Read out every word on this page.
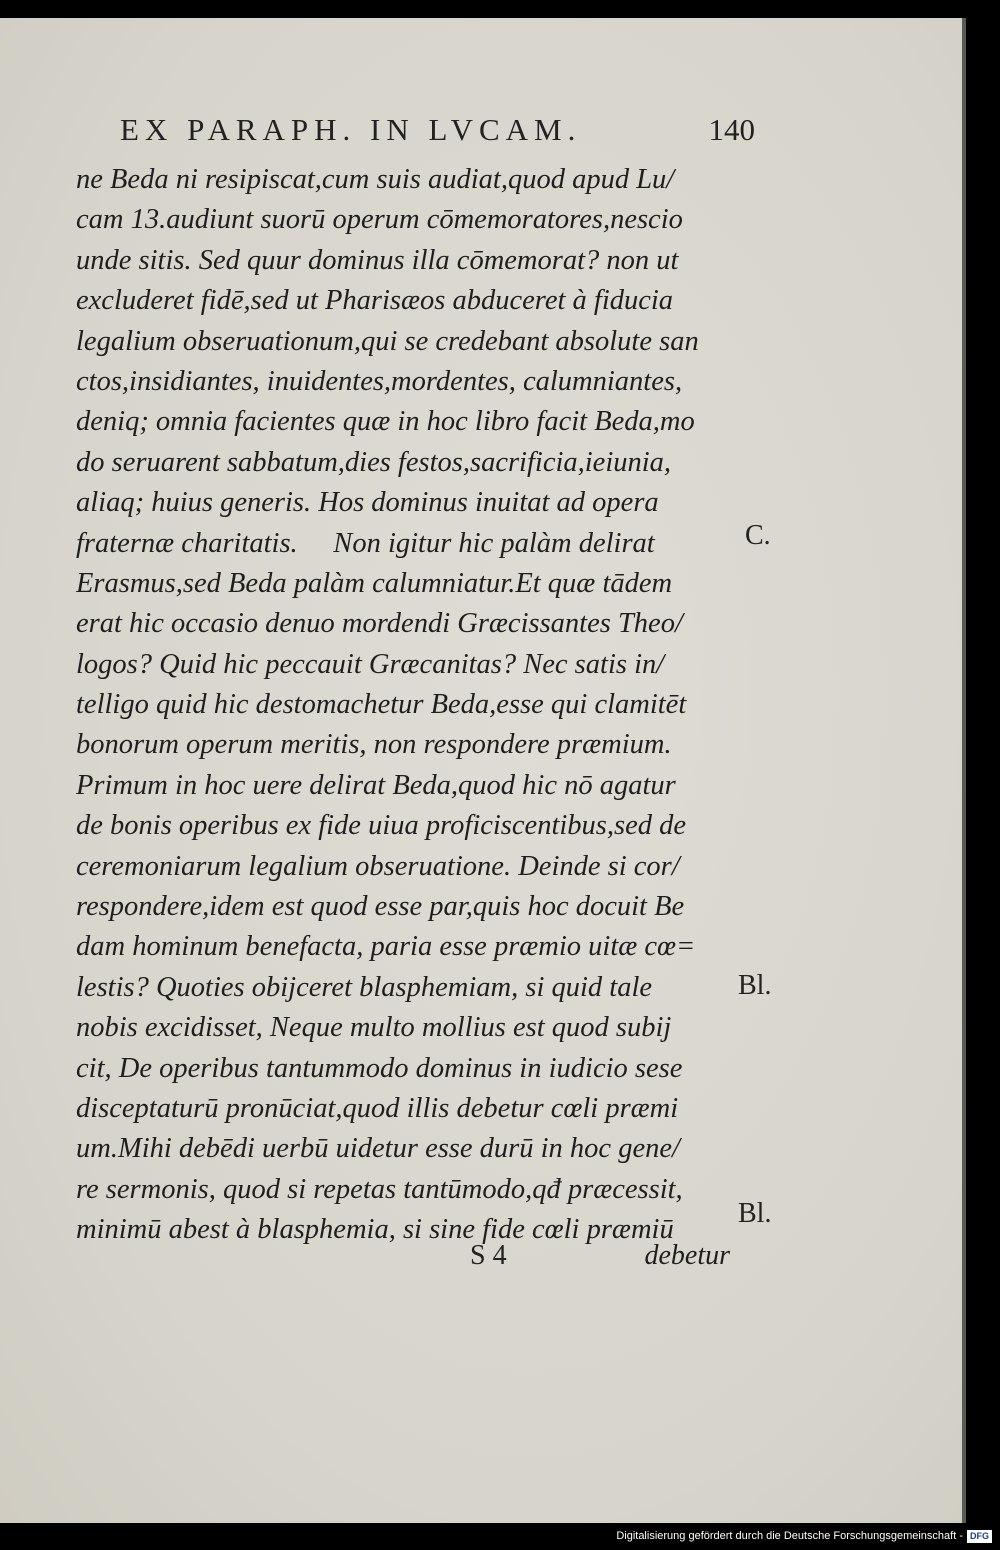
EX PARAPH. IN LVCAM.	140
ne Beda ni resipiscat,cum suis audiat,quod apud Lu/
cam 13.audiunt suorū operum cōmemoratores,nescio
unde sitis. Sed quur dominus illa cōmemorat? non ut
excluderet fidē,sed ut Pharisæos abduceret à fiducia
legalium obseruationum,qui se credebant absolute san
ctos,insidiantes, inuidentes,mordentes, calumniantes,
deniq; omnia facientes quæ in hoc libro facit Beda,mo
do seruarent sabbatum,dies festos,sacrificia,ieiunia,
aliaq; huius generis. Hos dominus inuitat ad opera
fraternæ charitatis.     Non igitur hic palàm delirat
Erasmus,sed Beda palàm calumniatur.Et quæ tādem
erat hic occasio denuo mordendi Græcissantes Theo/
logos? Quid hic peccauit Græcanitas? Nec satis in/
telligo quid hic destomachetur Beda,esse qui clamitēt
bonorum operum meritis, non respondere præmium.
Primum in hoc uere delirat Beda,quod hic nō agatur
de bonis operibus ex fide uiua proficiscentibus,sed de
ceremoniarum legalium obseruatione. Deinde si cor/
respondere,idem est quod esse par,quis hoc docuit Be
dam hominum benefacta, paria esse præmio uitæ cœ=
lestis? Quoties obijceret blasphemiam, si quid tale
nobis excidisset, Neque multo mollius est quod subij
cit, De operibus tantummodo dominus in iudicio sese
disceptaturū pronūciat,quod illis debetur cœli præmi
um.Mihi debēdi uerbū uidetur esse durū in hoc gene/
re sermonis, quod si repetas tantūmodo,qđ præcessit,
minimū abest à blasphemia, si sine fide cœli præmiū
C.
Bl.
Bl.
S 4	debetur
Digitalisierung gefördert durch die Deutsche Forschungsgemeinschaft - DFG
